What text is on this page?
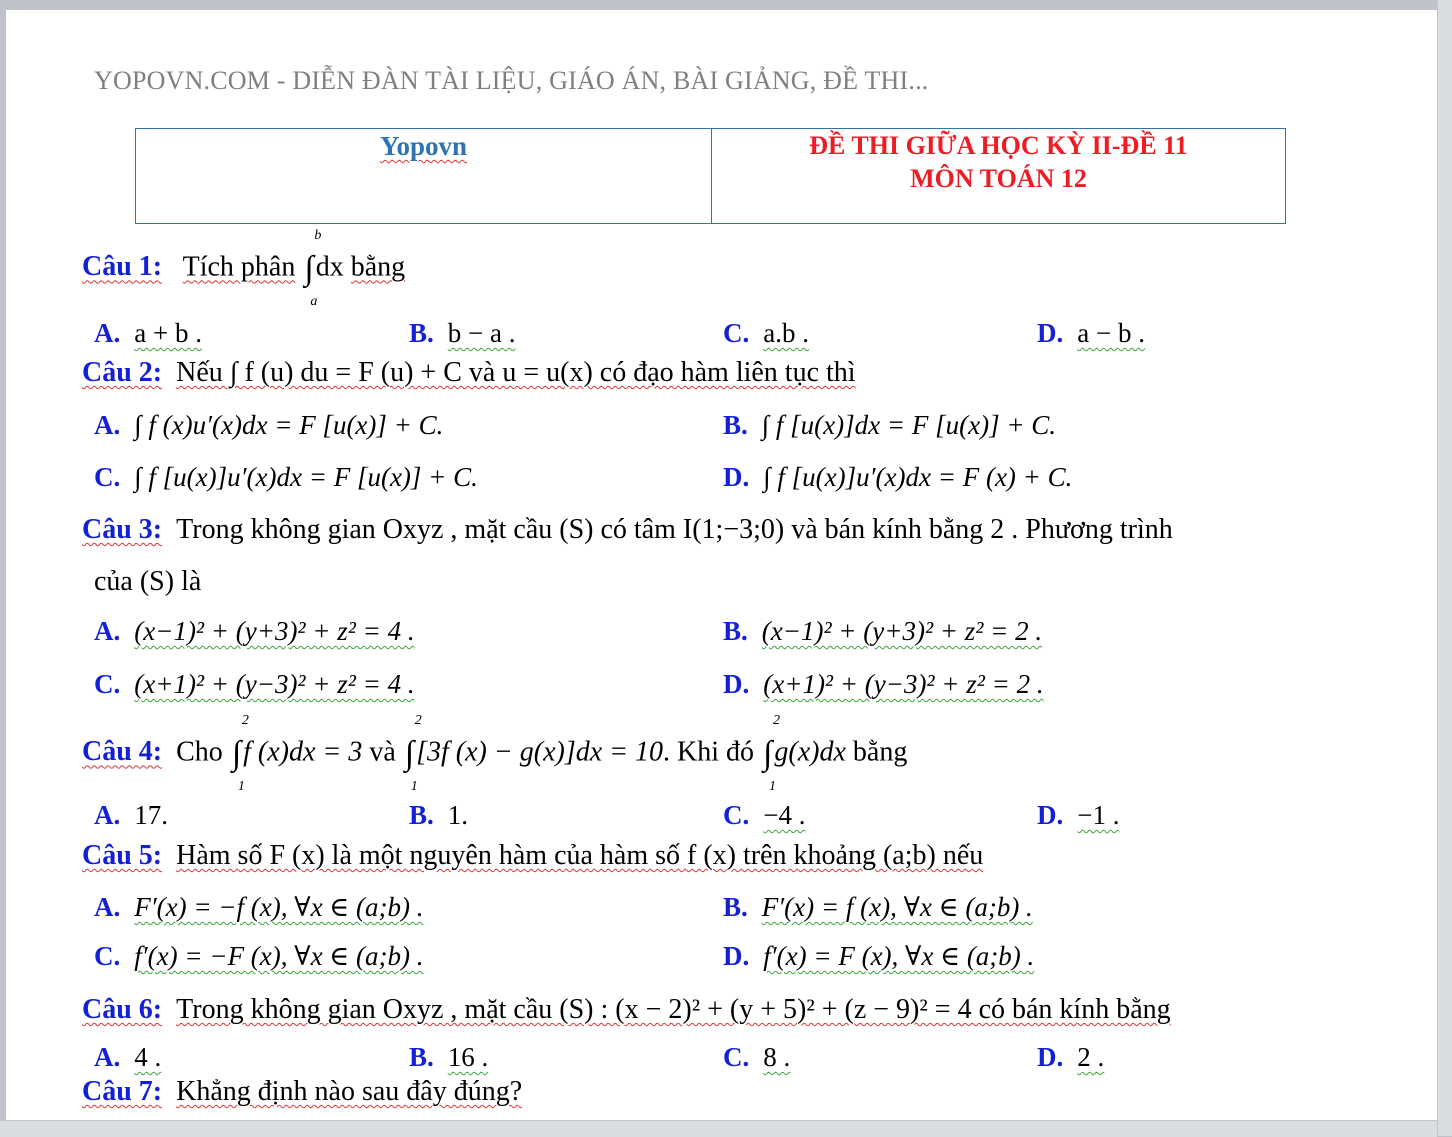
YOPOVN.COM - DIỄN ĐÀN TÀI LIỆU, GIÁO ÁN, BÀI GIẢNG, ĐỀ THI...
Yopovn	ĐỀ THI GIỮA HỌC KỲ II-ĐỀ 11
MÔN TOÁN 12
Câu 1: Tích phân ∫
b
a
dx bằng
A. a + b .	B. b − a .	C. a.b .	D. a − b .
Câu 2: Nếu ∫ f (u) du = F (u) + C và u = u(x) có đạo hàm liên tục thì
A. ∫ f (x)u′(x)dx = F [u(x)] + C.	B. ∫ f [u(x)]dx = F [u(x)] + C.
C. ∫ f [u(x)]u′(x)dx = F [u(x)] + C.	D. ∫ f [u(x)]u′(x)dx = F (x) + C.
Câu 3: Trong không gian Oxyz , mặt cầu (S) có tâm I(1;−3;0) và bán kính bằng 2 . Phương trình
của (S) là
A. (x−1)² + (y+3)² + z² = 4 .	B. (x−1)² + (y+3)² + z² = 2 .
C. (x+1)² + (y−3)² + z² = 4 .	D. (x+1)² + (y−3)² + z² = 2 .
Câu 4: Cho ∫
2
1
f (x)dx = 3 và ∫
2
1
[3f (x) − g(x)]dx = 10. Khi đó ∫
2
1
g(x)dx bằng
A. 17.	B. 1.	C. −4 .	D. −1 .
Câu 5: Hàm số F (x) là một nguyên hàm của hàm số f (x) trên khoảng (a;b) nếu
A. F′(x) = −f (x), ∀x ∈ (a;b) .	B. F′(x) = f (x), ∀x ∈ (a;b) .
C. f′(x) = −F (x), ∀x ∈ (a;b) .	D. f′(x) = F (x), ∀x ∈ (a;b) .
Câu 6: Trong không gian Oxyz , mặt cầu (S) : (x − 2)² + (y + 5)² + (z − 9)² = 4 có bán kính bằng
A. 4 .	B. 16 .	C. 8 .	D. 2 .
Câu 7: Khẳng định nào sau đây đúng?
